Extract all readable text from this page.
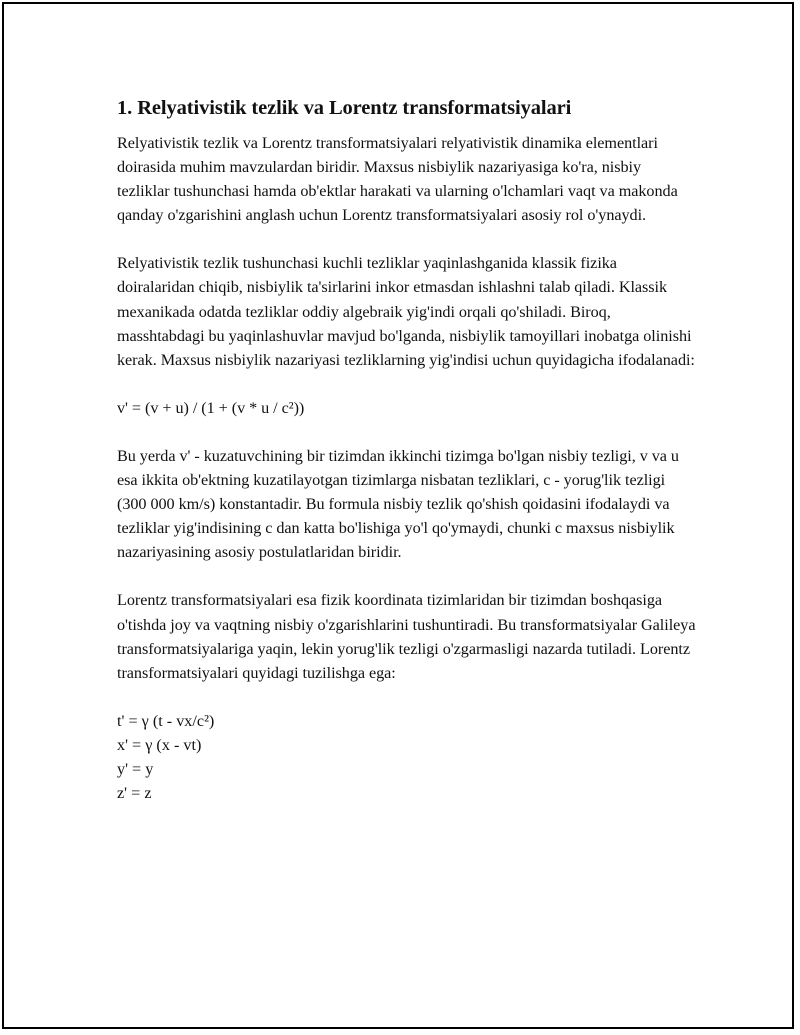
1. Relyativistik tezlik va Lorentz transformatsiyalari

Relyativistik tezlik va Lorentz transformatsiyalari relyativistik dinamika elementlari doirasida muhim mavzulardan biridir. Maxsus nisbiylik nazariyasiga ko'ra, nisbiy tezliklar tushunchasi hamda ob'ektlar harakati va ularning o'lchamlari vaqt va makonda qanday o'zgarishini anglash uchun Lorentz transformatsiyalari asosiy rol o'ynaydi.

Relyativistik tezlik tushunchasi kuchli tezliklar yaqinlashganida klassik fizika doiralaridan chiqib, nisbiylik ta'sirlarini inkor etmasdan ishlashni talab qiladi. Klassik mexanikada odatda tezliklar oddiy algebraik yig'indi orqali qo'shiladi. Biroq, masshtabdagi bu yaqinlashuvlar mavjud bo'lganda, nisbiylik tamoyillari inobatga olinishi kerak. Maxsus nisbiylik nazariyasi tezliklarning yig'indisi uchun quyidagicha ifodalanadi:

v' = (v + u) / (1 + (v * u / c²))

Bu yerda v' - kuzatuvchining bir tizimdan ikkinchi tizimga bo'lgan nisbiy tezligi, v va u esa ikkita ob'ektning kuzatilayotgan tizimlarga nisbatan tezliklari, c - yorug'lik tezligi (300 000 km/s) konstantadir. Bu formula nisbiy tezlik qo'shish qoidasini ifodalaydi va tezliklar yig'indisining c dan katta bo'lishiga yo'l qo'ymaydi, chunki c maxsus nisbiylik nazariyasining asosiy postulatlaridan biridir.

Lorentz transformatsiyalari esa fizik koordinata tizimlaridan bir tizimdan boshqasiga o'tishda joy va vaqtning nisbiy o'zgarishlarini tushuntiradi. Bu transformatsiyalar Galileya transformatsiyalariga yaqin, lekin yorug'lik tezligi o'zgarmasligi nazarda tutiladi. Lorentz transformatsiyalari quyidagi tuzilishga ega:

t' = γ (t - vx/c²)
x' = γ (x - vt)
y' = y
z' = z
